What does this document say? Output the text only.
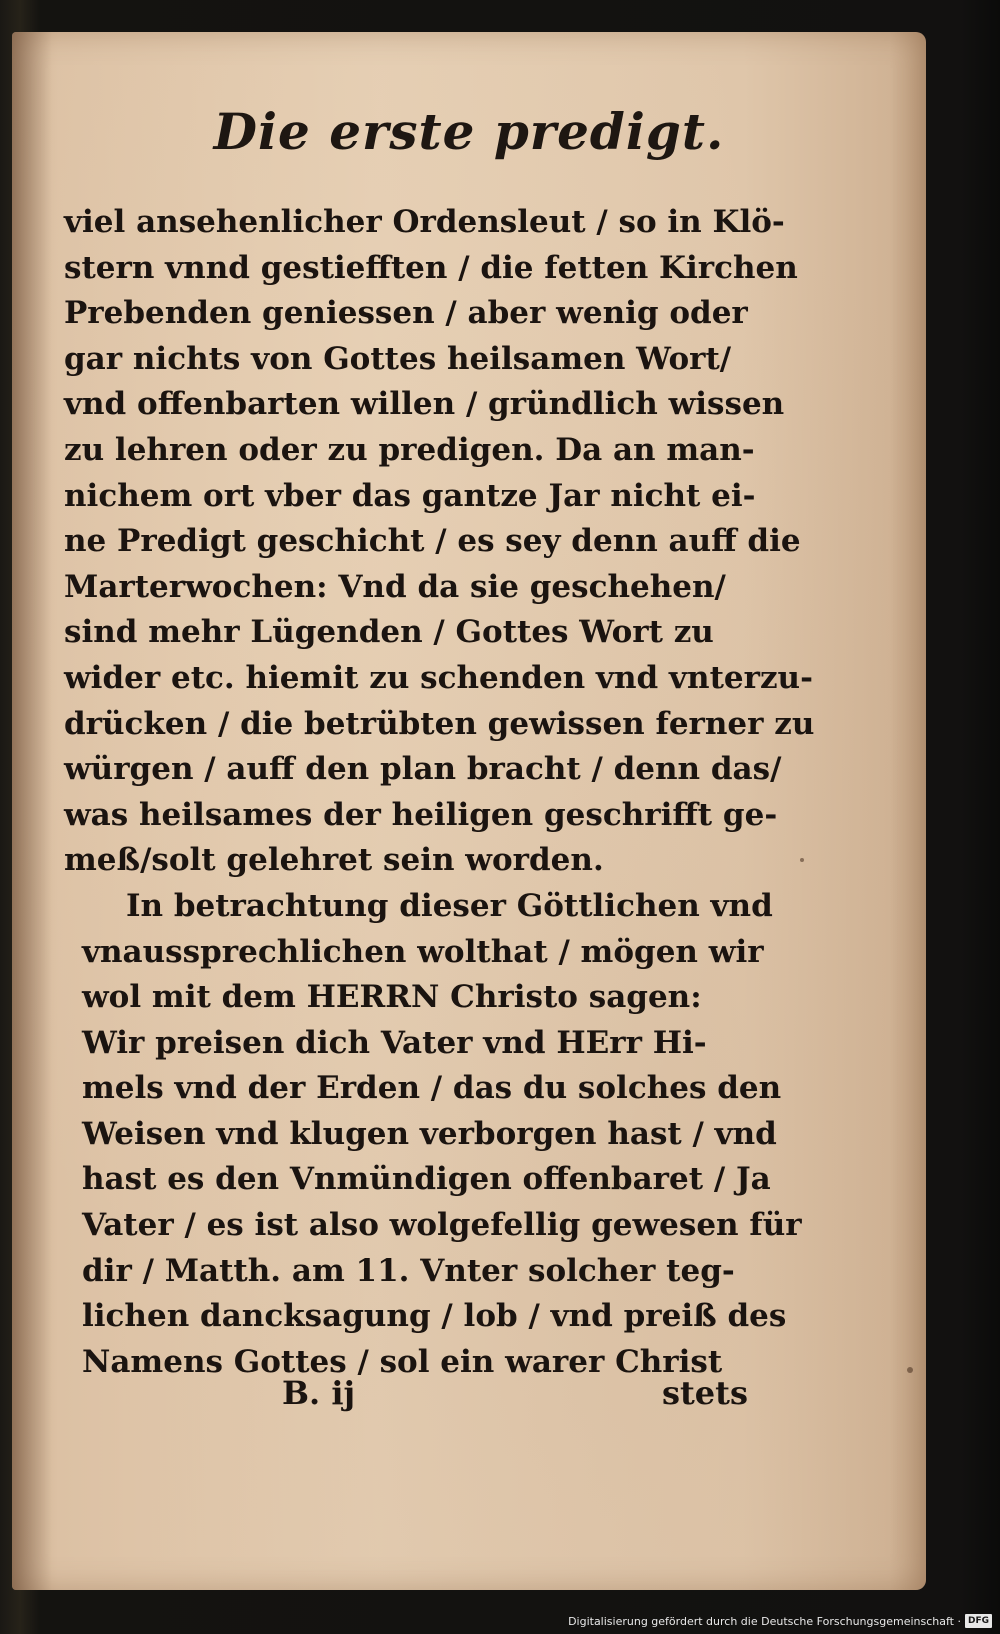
Die erste predigt.
viel ansehenlicher Ordensleut / so in Klö-
stern vnnd gestiefften / die fetten Kirchen
Prebenden geniessen / aber wenig oder
gar nichts von Gottes heilsamen Wort/
vnd offenbarten willen / gründlich wissen
zu lehren oder zu predigen. Da an man-
nichem ort vber das gantze Jar nicht ei-
ne Predigt geschicht / es sey denn auff die
Marterwochen: Vnd da sie geschehen/
sind mehr Lügenden / Gottes Wort zu
wider etc. hiemit zu schenden vnd vnterzu-
drücken / die betrübten gewissen ferner zu
würgen / auff den plan bracht / denn das/
was heilsames der heiligen geschrifft ge-
meß/solt gelehret sein worden.
In betrachtung dieser Göttlichen vnd
vnaussprechlichen wolthat / mögen wir
wol mit dem HERRN Christo sagen:
Wir preisen dich Vater vnd HErr Hi-
mels vnd der Erden / das du solches den
Weisen vnd klugen verborgen hast / vnd
hast es den Vnmündigen offenbaret / Ja
Vater / es ist also wolgefellig gewesen für
dir / Matth. am 11. Vnter solcher teg-
lichen dancksagung / lob / vnd preiß des
Namens Gottes / sol ein warer Christ
B. ij	stets
Digitalisierung gefördert durch die Deutsche Forschungsgemeinschaft · DFG
